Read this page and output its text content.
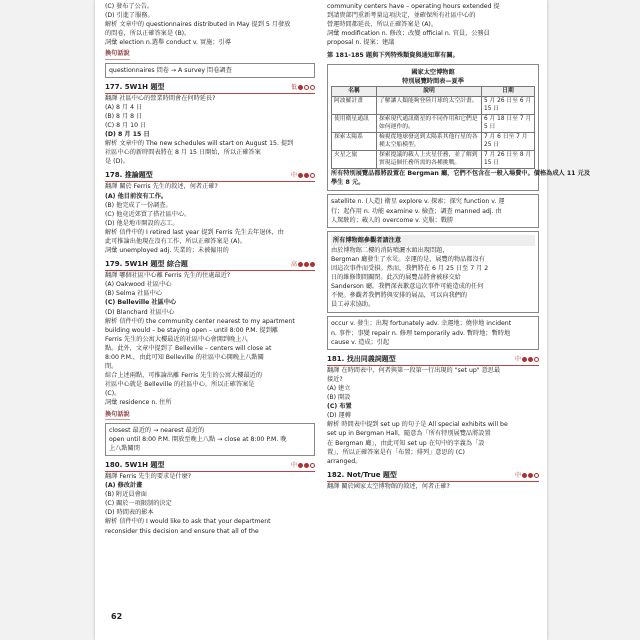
(C) 發布了公告。
(D) 引進了服務。
解析 文章中的 questionnaires distributed in May 提到 5 月發放
的問卷，所以正確答案是 (B)。
詞彙 election n.選舉 conduct v. 實施；引導
換句話說
questionnaires 問卷 → A survey 問卷調查
177. 5W1H 題型	低
翻譯 社區中心的營業時間會在何時延長?
(A) 8 月 4 日
(B) 8 月 8 日
(C) 8 月 10 日
(D) 8 月 15 日
解析 文章中的 The new schedules will start on August 15. 提到
社區中心的新時間表將在 8 月 15 日開始，所以正確答案
是 (D)。
178. 推論題型	中
翻譯 關於 Ferris 先生的敘述，何者正確?
(A) 他目前沒有工作。
(B) 他完成了一份調查。
(C) 他竟近郊買了搭社區中心。
(D) 他是地市開設的志工。
解析 信件中的 I retired last year 提到 Ferris 先生去年退休，由
此可推論出他現在沒有工作，所以正確答案是 (A)。
詞彙 unemployed adj. 失業的；未被僱用的
179. 5W1H 題型 綜合題	高
翻譯 哪個社區中心離 Ferris 先生的住處最近?
(A) Oakwood 社區中心
(B) Selma 社區中心
(C) Belleville 社區中心
(D) Blanchard 社區中心
解析 信件中的 the community center nearest to my apartment
building would – be staying open – until 8:00 P.M. 提到離
Ferris 先生的公寓大樓最近的社區中心會開到晚上八
點。此外，文章中提到了 Belleville – centers will close at
8:00 P.M.，由此可知 Belleville 的社區中心開晚上八點關
閉。
綜合上述兩點，可推論出離 Ferris 先生的公寓大樓最近的
社區中心就是 Belleville 的社區中心，所以正確答案是
(C)。
詞彙 residence n. 住所
換句話說
closest 最近的 → nearest 最近的
open until 8:00 P.M. 開放至晚上八點 → close at 8:00 P.M. 晚
上八點關閉
180. 5W1H 題型	中
翻譯 Ferris 先生的要求是什麼?
(A) 修改計畫
(B) 附近員會面
(C) 關於一項限制的決定
(D) 時間表的影本
解析 信件中的 I would like to ask that your department
reconsider this decision and ensure that all of the
community centers have – operating hours extended 提
到請貴部門重新考量這項決定，並確保所有社區中心的
營運時間都延長，所以正確答案是 (A)。
詞彙 modification n. 修改；改變 official n. 官員，公務員
proposal n. 提案；建議
第 181-185 題與下列特殊類資與通知單有關。
國家太空博物館
特別展覽時間表—夏季
名稱	說明	日期
阿波羅計畫	了解讓人類能夠登陸月球的太空計畫。	5 月 26 日至 6 月 15 日
使用衛星通訊	探索現代通訊衛星的不同作用和它們是如何運作的。	6 月 18 日至 7 月 5 日
探索太陽系	檢視從地球發送到太陽系其他行星的各種太空船模型。	7 月 6 日至 7 月 25 日
火星之旅	探索提議的載人上火星任務，並了解到實現這個任務所需的各種挑戰。	7 月 26 日至 8 月 15 日
所有特別展覽品都將設置在 Bergman 廳，它們不包含在一般入場費中。價格為成人 11 元及
學生 8 元。
satellite n. (人造) 衛星 explore v. 探索；探究 function v. 運
行；起作用 n. 功能 examine v. 檢查；調查 manned adj. 由
人駕駛的；載人的 overcome v. 克服；戰勝
所有博物館參觀者請注意
由於博物館二樓的消防噴灑水頭出現問題，
Bergman 廳發生了水災。幸運的是，展覽的物品都沒有
因這次事件而受損。然而，我們將在 6 月 25 日至 7 月 2
日的維修期間關閉。此次的展覽品將會被移交給
Sanderson 廳。我們深表歉意這次事件可能造成的任何
不便。參觀者我們將與安排的展品，可以向我們的
員工尋求協助。
occur v. 發生；出現 fortunately adv. 幸運地；僥倖地 incident
n. 事件；事變 repair n. 修理 temporarily adv. 暫時地；暫時地
cause v. 造成；引起
181. 找出同義詞題型	中
翻譯 在時間表中，何者與第一段第一行出現的 "set up" 意思最
接近?
(A) 建立
(B) 開設
(C) 布置
(D) 運轉
解析 時間表中提到 set up 的句子是 All special exhibits will be
set up in Bergman Hall，隨意為「所有特別展覽品將設置
在 Bergman 廳」，由此可知 set up 在句中的字義為「設
置」，所以正確答案是有「布置；排列」意思的 (C)
arranged。
182. Not/True 題型	中
翻譯 關於國家太空博物館的敘述，何者正確?
62
